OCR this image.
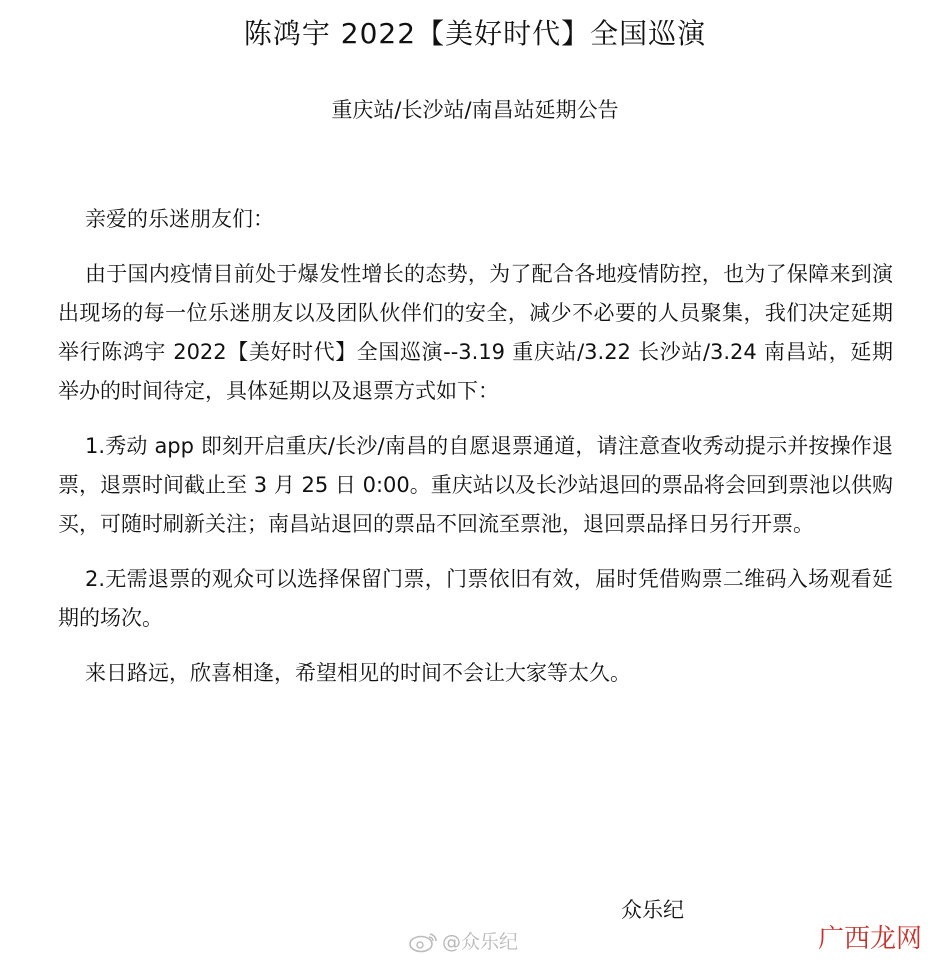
陈鸿宇 2022【美好时代】全国巡演
重庆站/长沙站/南昌站延期公告

亲爱的乐迷朋友们：

由于国内疫情目前处于爆发性增长的态势，为了配合各地疫情防控，也为了保障来到演出现场的每一位乐迷朋友以及团队伙伴们的安全，减少不必要的人员聚集，我们决定延期举行陈鸿宇 2022【美好时代】全国巡演--3.19 重庆站/3.22 长沙站/3.24 南昌站，延期举办的时间待定，具体延期以及退票方式如下：

1.秀动 app 即刻开启重庆/长沙/南昌的自愿退票通道，请注意查收秀动提示并按操作退票，退票时间截止至 3 月 25 日 0:00。重庆站以及长沙站退回的票品将会回到票池以供购买，可随时刷新关注；南昌站退回的票品不回流至票池，退回票品择日另行开票。

2.无需退票的观众可以选择保留门票，门票依旧有效，届时凭借购票二维码入场观看延期的场次。

来日路远，欣喜相逢，希望相见的时间不会让大家等太久。

众乐纪
@众乐纪	广西龙网
